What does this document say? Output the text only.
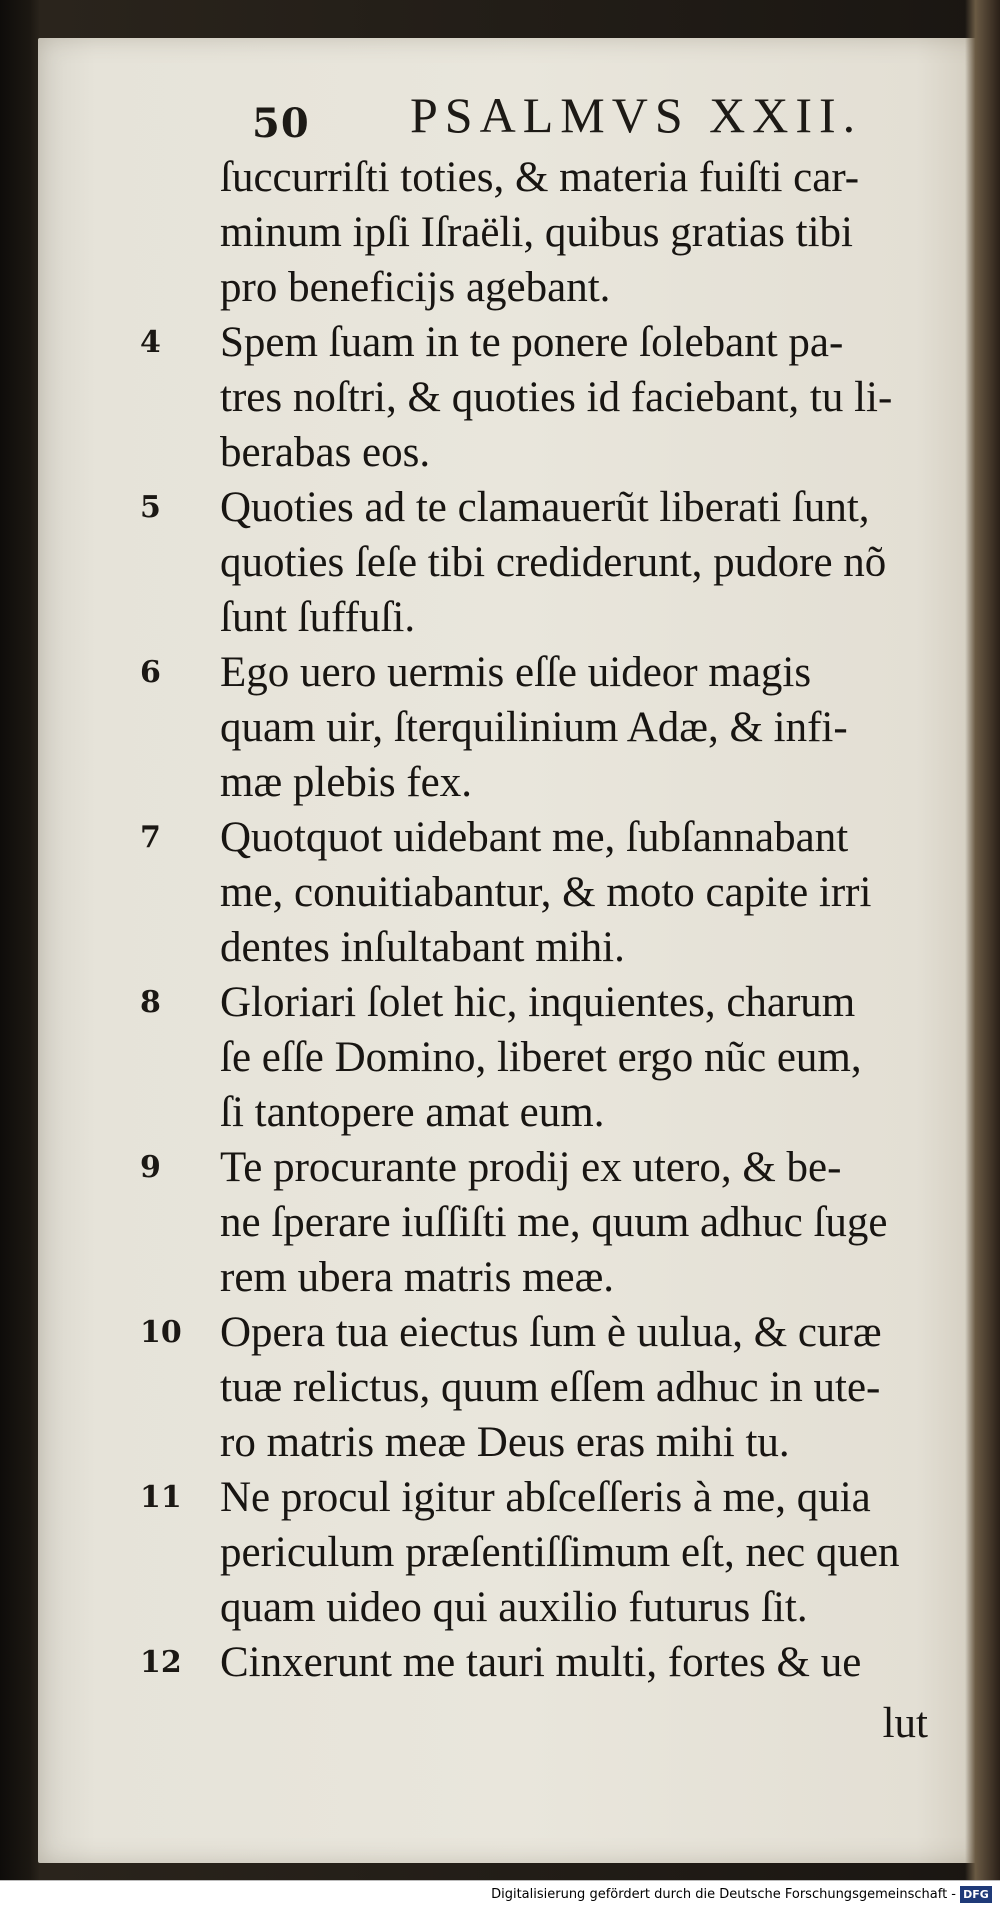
50 PSALMVS XXII.
ſuccurriſti toties, & materia fuiſti car-
minum ipſi Iſraëli, quibus gratias tibi
pro beneficijs agebant.
4	Spem ſuam in te ponere ſolebant pa-
tres noſtri, & quoties id faciebant, tu li-
berabas eos.
5	Quoties ad te clamauerũt liberati ſunt,
quoties ſeſe tibi crediderunt, pudore nõ
ſunt ſuffuſi.
6	Ego uero uermis eſſe uideor magis
quam uir, ſterquilinium Adæ, & infi-
mæ plebis fex.
7	Quotquot uidebant me, ſubſannabant
me, conuitiabantur, & moto capite irri
dentes inſultabant mihi.
8	Gloriari ſolet hic, inquientes, charum
ſe eſſe Domino, liberet ergo nũc eum,
ſi tantopere amat eum.
9	Te procurante prodij ex utero, & be-
ne ſperare iuſſiſti me, quum adhuc ſuge
rem ubera matris meæ.
10 Opera tua eiectus ſum è uulua, & curæ
tuæ relictus, quum eſſem adhuc in ute-
ro matris meæ Deus eras mihi tu.
11 Ne procul igitur abſceſſeris à me, quia
periculum præſentiſſimum eſt, nec quen
quam uideo qui auxilio futurus ſit.
12 Cinxerunt me tauri multi, fortes & ue
lut
Digitalisierung gefördert durch die Deutsche Forschungsgemeinschaft - DFG
